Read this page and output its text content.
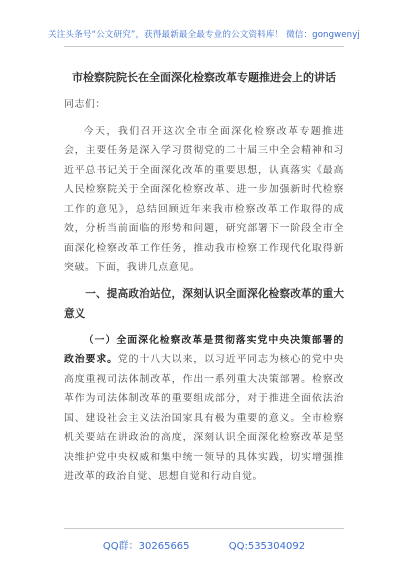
关注头条号“公文研究”，获得最新最全最专业的公文资料库！ 微信：gongwenyj
市检察院院长在全面深化检察改革专题推进会上的讲话

同志们：

今天，我们召开这次全市全面深化检察改革专题推进会，主要任务是深入学习贯彻党的二十届三中全会精神和习近平总书记关于全面深化改革的重要思想，认真落实《最高人民检察院关于全面深化检察改革、进一步加强新时代检察工作的意见》，总结回顾近年来我市检察改革工作取得的成效，分析当前面临的形势和问题，研究部署下一阶段全市全面深化检察改革工作任务，推动我市检察工作现代化取得新突破。下面，我讲几点意见。

一、提高政治站位，深刻认识全面深化检察改革的重大意义

（一）全面深化检察改革是贯彻落实党中央决策部署的政治要求。党的十八大以来，以习近平同志为核心的党中央高度重视司法体制改革，作出一系列重大决策部署。检察改革作为司法体制改革的重要组成部分，对于推进全面依法治国、建设社会主义法治国家具有极为重要的意义。全市检察机关要站在讲政治的高度，深刻认识全面深化检察改革是坚决维护党中央权威和集中统一领导的具体实践，切实增强推进改革的政治自觉、思想自觉和行动自觉。

QQ群：30265665	QQ:535304092
